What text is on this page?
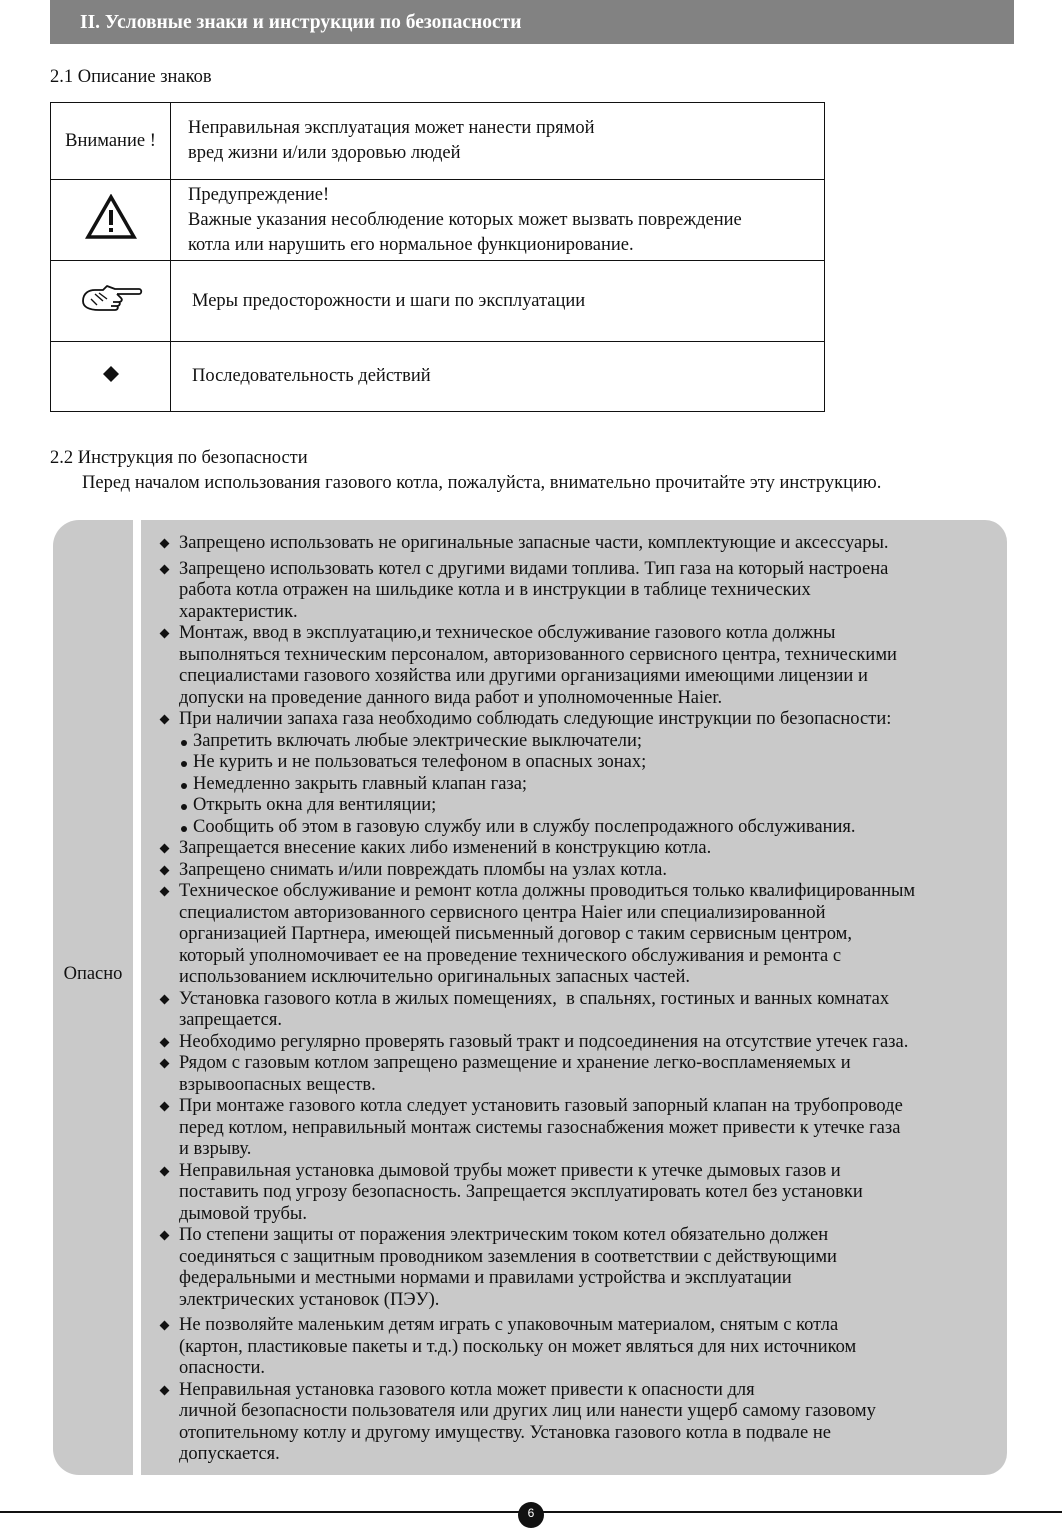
II. Условные знаки и инструкции по безопасности
2.1 Описание знаков
Внимание !	Неправильная эксплуатация может нанести прямой
вред жизни и/или здоровью людей

Предупреждение!
Важные указания несоблюдение которых может вызвать повреждение
котла или нарушить его нормальное функционирование.

Меры предосторожности и шаги по эксплуатации

Последовательность действий
2.2 Инструкция по безопасности
Перед началом использования газового котла, пожалуйста, внимательно прочитайте эту инструкцию.
Опасно
Запрещено использовать не оригинальные запасные части, комплектующие и аксессуары.
Запрещено использовать котел с другими видами топлива. Тип газа на который настроена
работа котла отражен на шильдике котла и в инструкции в таблице технических
характеристик.
Монтаж, ввод в эксплуатацию,и техническое обслуживание газового котла должны
выполняться техническим персоналом, авторизованного сервисного центра, техническими
специалистами газового хозяйства или другими организациями имеющими лицензии и
допуски на проведение данного вида работ и уполномоченные Haier.
При наличии запаха газа необходимо соблюдать следующие инструкции по безопасности:
Запретить включать любые электрические выключатели;
Не курить и не пользоваться телефоном в опасных зонах;
Немедленно закрыть главный клапан газа;
Открыть окна для вентиляции;
Сообщить об этом в газовую службу или в службу послепродажного обслуживания.
Запрещается внесение каких либо изменений в конструкцию котла.
Запрещено снимать и/или повреждать пломбы на узлах котла.
Техническое обслуживание и ремонт котла должны проводиться только квалифицированным
специалистом авторизованного сервисного центра Haier или специализированной
организацией Партнера, имеющей письменный договор с таким сервисным центром,
который уполномочивает ее на проведение технического обслуживания и ремонта с
использованием исключительно оригинальных запасных частей.
Установка газового котла в жилых помещениях,  в спальнях, гостиных и ванных комнатах
запрещается.
Необходимо регулярно проверять газовый тракт и подсоединения на отсутствие утечек газа.
Рядом с газовым котлом запрещено размещение и хранение легко-воспламеняемых и
взрывоопасных веществ.
При монтаже газового котла следует установить газовый запорный клапан на трубопроводе
перед котлом, неправильный монтаж системы газоснабжения может привести к утечке газа
и взрыву.
Неправильная установка дымовой трубы может привести к утечке дымовых газов и
поставить под угрозу безопасность. Запрещается эксплуатировать котел без установки
дымовой трубы.
По степени защиты от поражения электрическим током котел обязательно должен
соединяться с защитным проводником заземления в соответствии с действующими
федеральными и местными нормами и правилами устройства и эксплуатации
электрических установок (ПЭУ).
Не позволяйте маленьким детям играть с упаковочным материалом, снятым с котла
(картон, пластиковые пакеты и т.д.) поскольку он может являться для них источником
опасности.
Неправильная установка газового котла может привести к опасности для
личной безопасности пользователя или других лиц или нанести ущерб самому газовому
отопительному котлу и другому имуществу. Установка газового котла в подвале не
допускается.
6
